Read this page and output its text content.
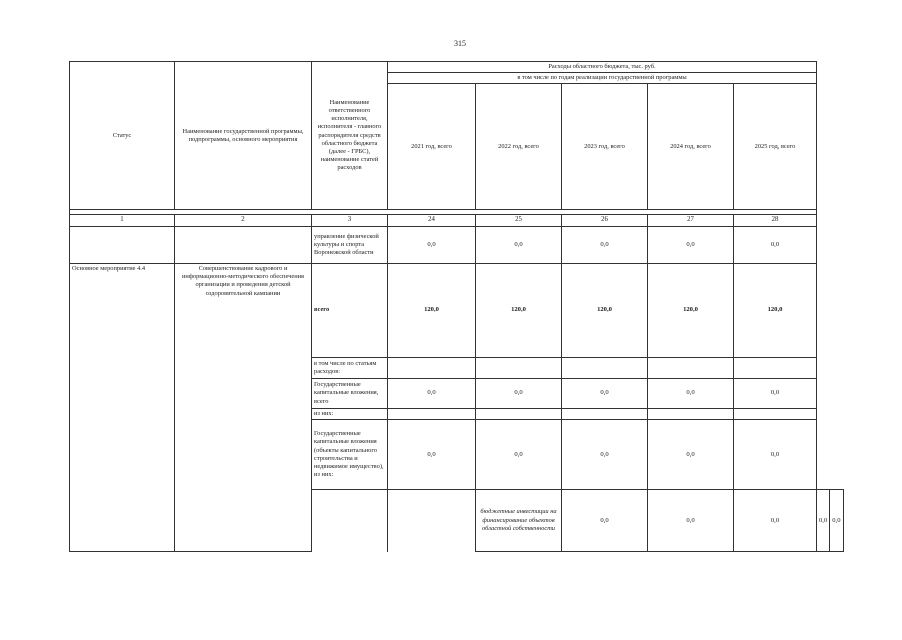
315
Статус	Наименование государственной программы, подпрограммы, основного мероприятия	Наименование ответственного исполнителя, исполнителя - главного распорядителя средств областного бюджета (далее - ГРБС), наименование статей расходов	Расходы областного бюджета, тыс. руб.						
			в том числе по годам реализации государственной программы						
			2021 год, всего	2022 год, всего	2023 год, всего	2024 год, всего	2025 год, всего		

1	2	3	24	25	26	27	28		
		управление физической культуры и спорта Воронежской области	0,0	0,0	0,0	0,0	0,0		
Основное мероприятие 4.4	Совершенствование кадрового и информационно-методического обеспечения организации и проведения детской оздоровительной кампании	всего	120,0	120,0	120,0	120,0	120,0		
		в том числе по статьям расходов:							
		Государственные капитальные вложения, всего	0,0	0,0	0,0	0,0	0,0		
		из них:							
		Государственные капитальные вложения (объекты капитального строительства и недвижимое имущество), из них:	0,0	0,0	0,0	0,0	0,0		
				бюджетные инвестиции на финансирование объектов областной собственности	0,0	0,0	0,0	0,0	0,0
